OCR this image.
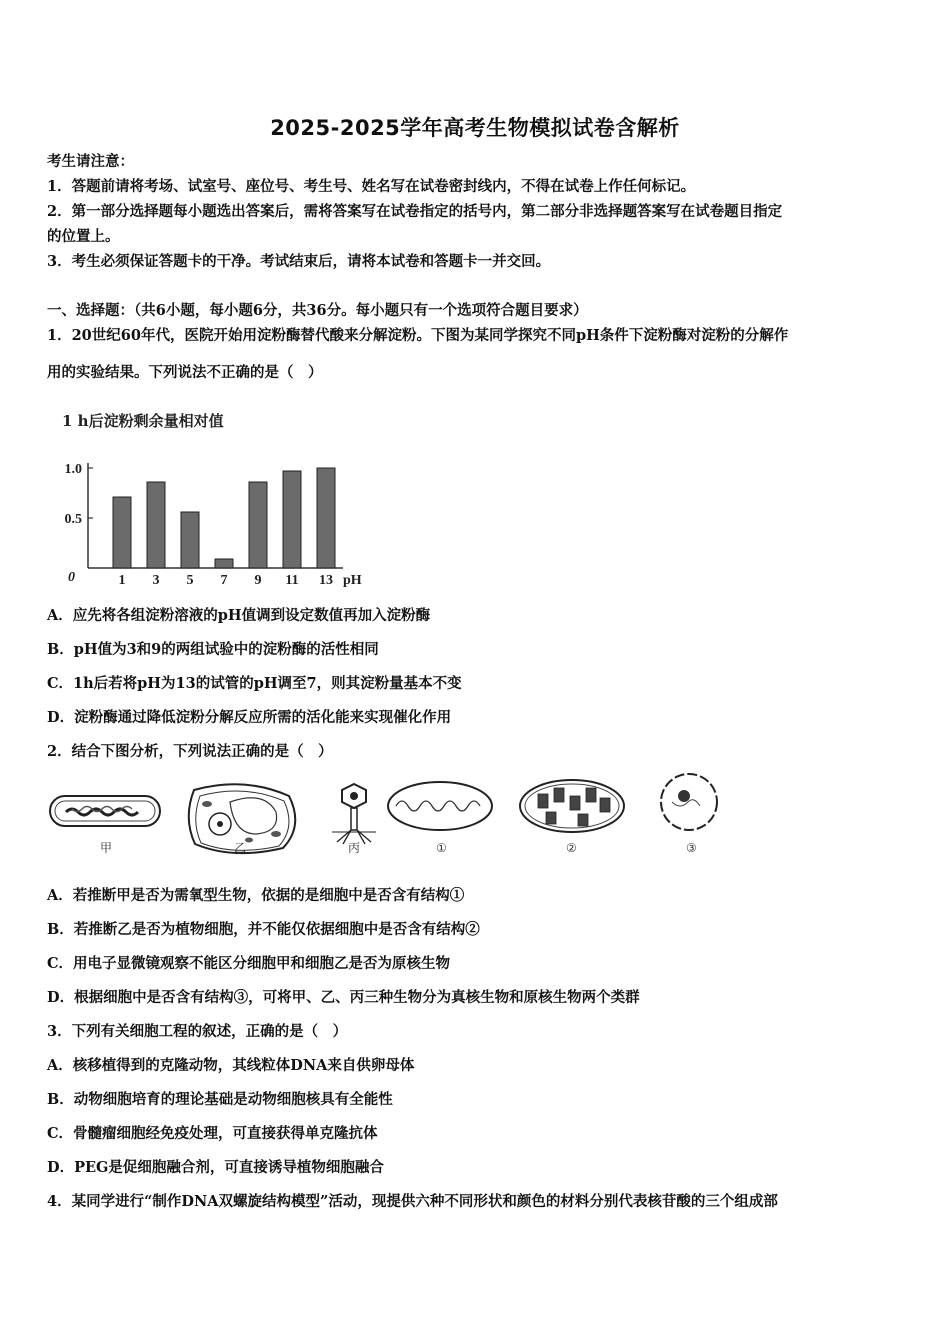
2025-2025学年高考生物模拟试卷含解析
考生请注意：
1．答题前请将考场、试室号、座位号、考生号、姓名写在试卷密封线内，不得在试卷上作任何标记。
2．第一部分选择题每小题选出答案后，需将答案写在试卷指定的括号内，第二部分非选择题答案写在试卷题目指定
的位置上。
3．考生必须保证答题卡的干净。考试结束后，请将本试卷和答题卡一并交回。
一、选择题：（共6小题，每小题6分，共36分。每小题只有一个选项符合题目要求）
1．20世纪60年代，医院开始用淀粉酶替代酸来分解淀粉。下图为某同学探究不同pH条件下淀粉酶对淀粉的分解作
用的实验结果。下列说法不正确的是（　）
1 h后淀粉剩余量相对值
0.5
1.0
0	1 3 5 7 9 11 13 pH
A．应先将各组淀粉溶液的pH值调到设定数值再加入淀粉酶
B．pH值为3和9的两组试验中的淀粉酶的活性相同
C．1h后若将pH为13的试管的pH调至7，则其淀粉量基本不变
D．淀粉酶通过降低淀粉分解反应所需的活化能来实现催化作用
2．结合下图分析，下列说法正确的是（　）
甲	乙	丙	①	②	③
A．若推断甲是否为需氧型生物，依据的是细胞中是否含有结构①
B．若推断乙是否为植物细胞，并不能仅依据细胞中是否含有结构②
C．用电子显微镜观察不能区分细胞甲和细胞乙是否为原核生物
D．根据细胞中是否含有结构③，可将甲、乙、丙三种生物分为真核生物和原核生物两个类群
3．下列有关细胞工程的叙述，正确的是（　）
A．核移植得到的克隆动物，其线粒体DNA来自供卵母体
B．动物细胞培育的理论基础是动物细胞核具有全能性
C．骨髓瘤细胞经免疫处理，可直接获得单克隆抗体
D．PEG是促细胞融合剂，可直接诱导植物细胞融合
4．某同学进行“制作DNA双螺旋结构模型”活动，现提供六种不同形状和颜色的材料分别代表核苷酸的三个组成部
